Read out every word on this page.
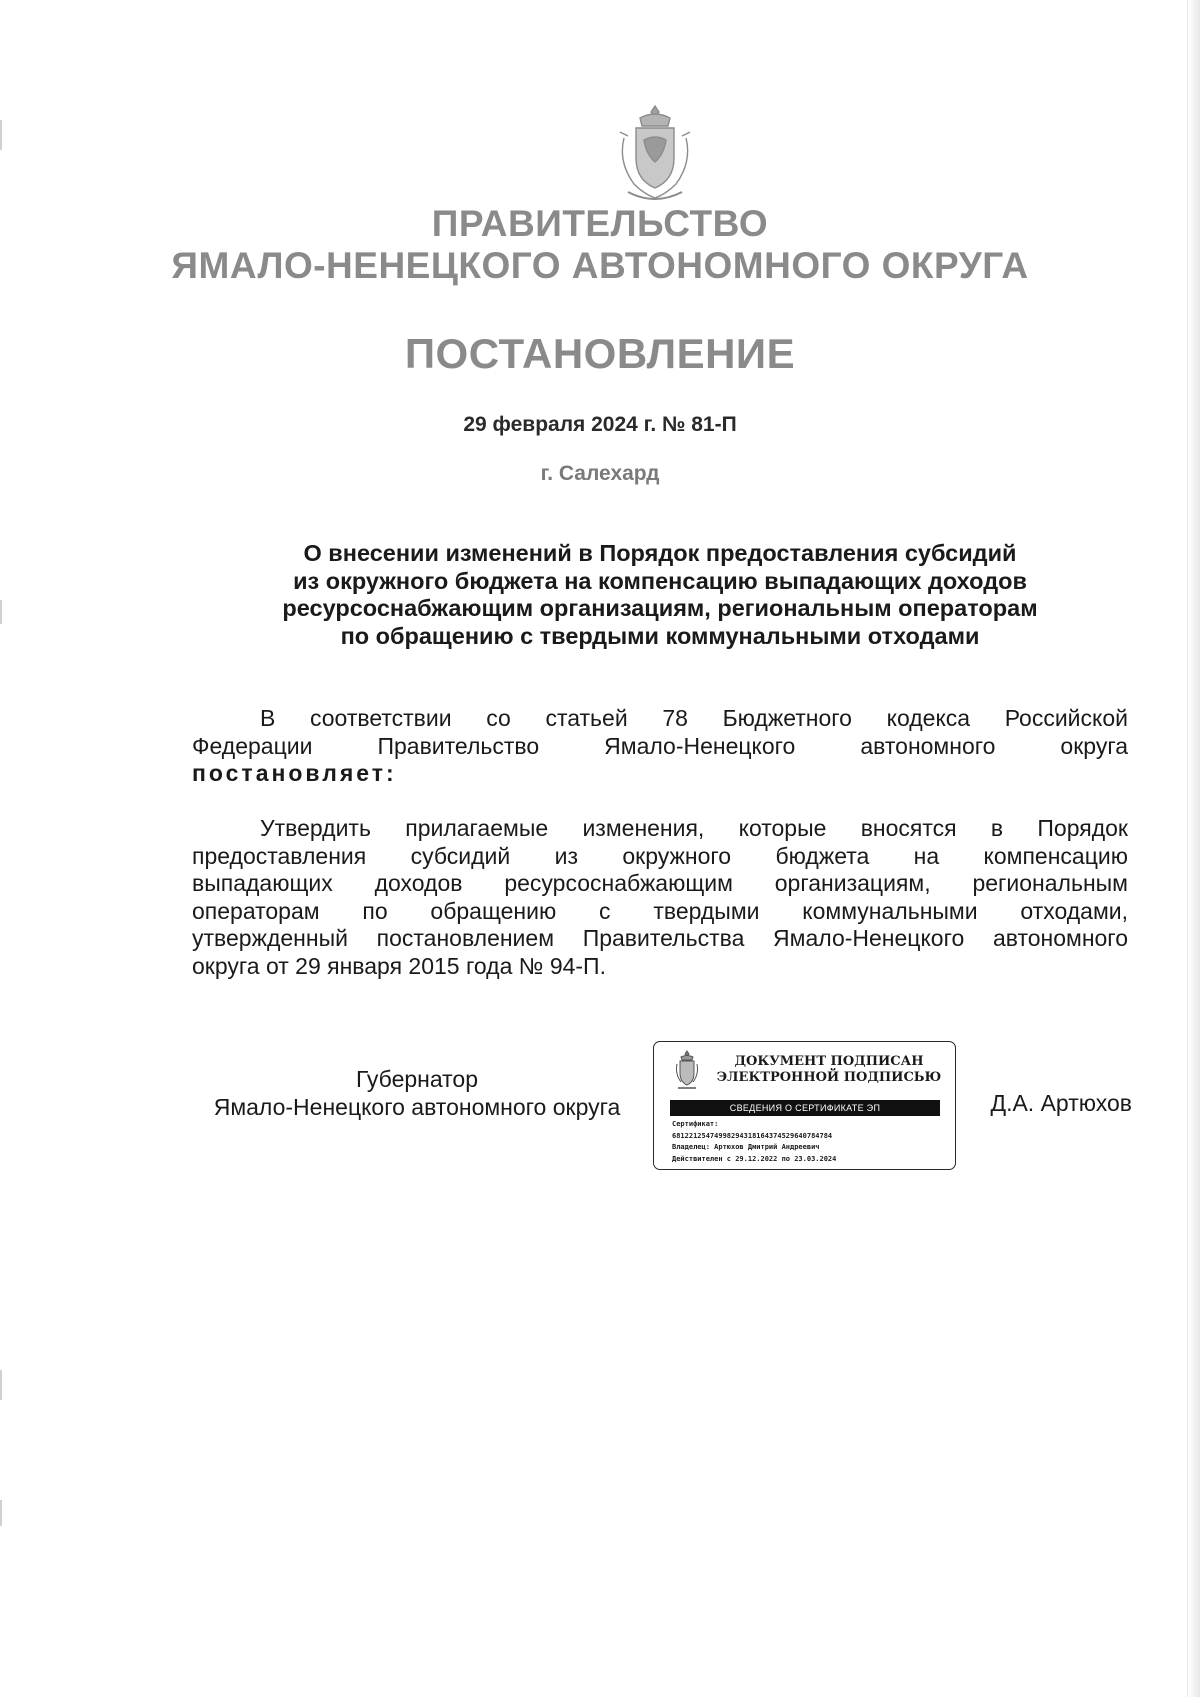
ПРАВИТЕЛЬСТВО
ЯМАЛО-НЕНЕЦКОГО АВТОНОМНОГО ОКРУГА
ПОСТАНОВЛЕНИЕ
29 февраля 2024 г. № 81-П
г. Салехард
О внесении изменений в Порядок предоставления субсидий
из окружного бюджета на компенсацию выпадающих доходов
ресурсоснабжающим организациям, региональным операторам
по обращению с твердыми коммунальными отходами
В соответствии со статьей 78 Бюджетного кодекса Российской
Федерации Правительство Ямало-Ненецкого автономного округа
постановляет:
Утвердить прилагаемые изменения, которые вносятся в Порядок
предоставления субсидий из окружного бюджета на компенсацию
выпадающих доходов ресурсоснабжающим организациям, региональным
операторам по обращению с твердыми коммунальными отходами,
утвержденный постановлением Правительства Ямало-Ненецкого автономного
округа от 29 января 2015 года № 94-П.
Губернатор
Ямало-Ненецкого автономного округа
ДОКУМЕНТ ПОДПИСАН
ЭЛЕКТРОННОЙ ПОДПИСЬЮ
СВЕДЕНИЯ О СЕРТИФИКАТЕ ЭП
Сертификат:
68122125474998294318164374529640784784
Владелец: Артюхов Дмитрий Андреевич
Действителен с 29.12.2022 по 23.03.2024
Д.А. Артюхов
